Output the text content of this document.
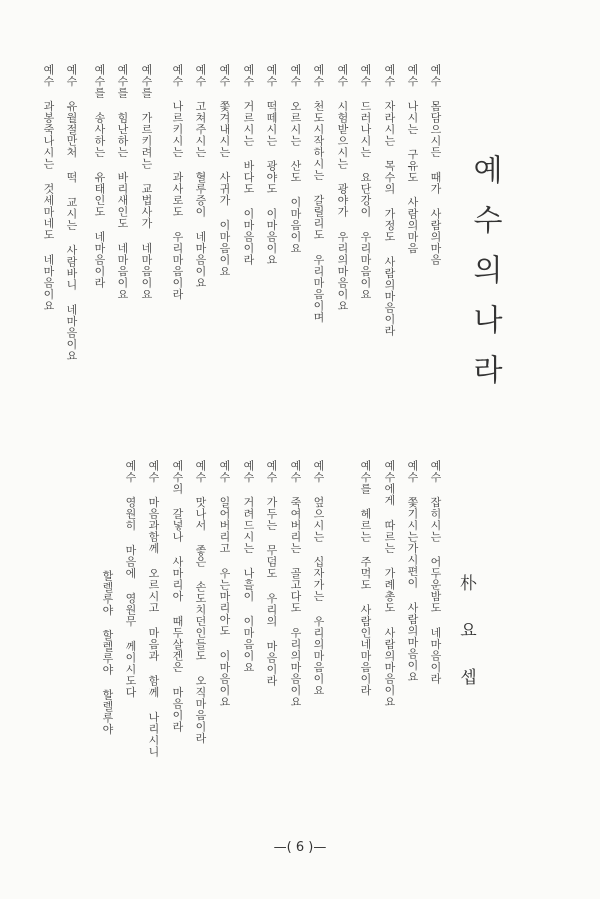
예수 몸담으시든 때가 사람의마음
예수 나시는 구유도 사람의마음
예수 자라시는 목수의 가정도 사람의마음이라
예수 드러나시는 요단강이 우리마음이요
예수 시험받으시는 광야가 우리의마음이요
예수 천도시작하시는 갈릴리도 우리마음이며
예수 오르시는 산도 이마음이요
예수 떡떼시는 광야도 이마음이요
예수 거르시는 바다도 이마음이라
예수 쫓겨내시는 사귀가 이마음이요
예수 고쳐주시는 혈루증이 네마음이요
예수 나르키시는 과사로도 우리마음이라
예수를 가르키려는 교법사가 네마음이요
예수를 힘난하는 바리새인도 네마음이요
예수를 송사하는 유태인도 네마음이라
예수 유월절만처 떡 교시는 사람바니 네마음이요
예수 과봉죽나시는 것세마네도 네마음이요	예수의나라
朴요셉
예수 잡히시는 어두운밤도 네마음이라
예수 쫓기시는가시편이 사람의마음이요
예수에게 따르는 가례총도 사람의마음이요
예수를 헤르는 주먹도 사람인네마음이라
예수 엎으시는 십자가는 우리의마음이요
예수 죽여버리는 골고다도 우리의마음이요
예수 가두는 무덤도 우리의 마음이라
예수 거려드시는 나흘이 이마음이요
예수 일어버리고 우는마리아도 이마음이요
예수 맛나서 좋은 손도치던인들도 오직마음이라
예수의 갈넣나 사마리아 때두살겐은 마음이라
예수 마음과함께 오르시고 마음과 함께 나리시니
예수 영원히 마음에 영원무 께이시도다
할렐루야 할렐루야 할렐루야
—( 6 )—
